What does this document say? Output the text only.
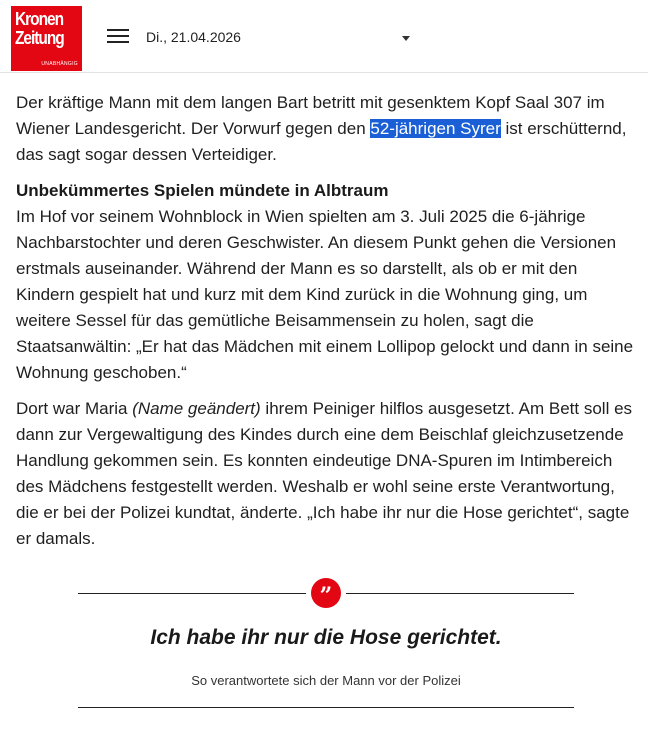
Kronen
Zeitung
UNABHÄNGIG
Di., 21.04.2026

Der kräftige Mann mit dem langen Bart betritt mit gesenktem Kopf Saal 307 im Wiener Landesgericht. Der Vorwurf gegen den 52-jährigen Syrer ist erschütternd, das sagt sogar dessen Verteidiger.

Unbekümmertes Spielen mündete in Albtraum

Im Hof vor seinem Wohnblock in Wien spielten am 3. Juli 2025 die 6-jährige Nachbarstochter und deren Geschwister. An diesem Punkt gehen die Versionen erstmals auseinander. Während der Mann es so darstellt, als ob er mit den Kindern gespielt hat und kurz mit dem Kind zurück in die Wohnung ging, um weitere Sessel für das gemütliche Beisammensein zu holen, sagt die Staatsanwältin: „Er hat das Mädchen mit einem Lollipop gelockt und dann in seine Wohnung geschoben.“

Dort war Maria (Name geändert) ihrem Peiniger hilflos ausgesetzt. Am Bett soll es dann zur Vergewaltigung des Kindes durch eine dem Beischlaf gleichzusetzende Handlung gekommen sein. Es konnten eindeutige DNA-Spuren im Intimbereich des Mädchens festgestellt werden. Weshalb er wohl seine erste Verantwortung, die er bei der Polizei kundtat, änderte. „Ich habe ihr nur die Hose gerichtet“, sagte er damals.

”
Ich habe ihr nur die Hose gerichtet.
So verantwortete sich der Mann vor der Polizei
